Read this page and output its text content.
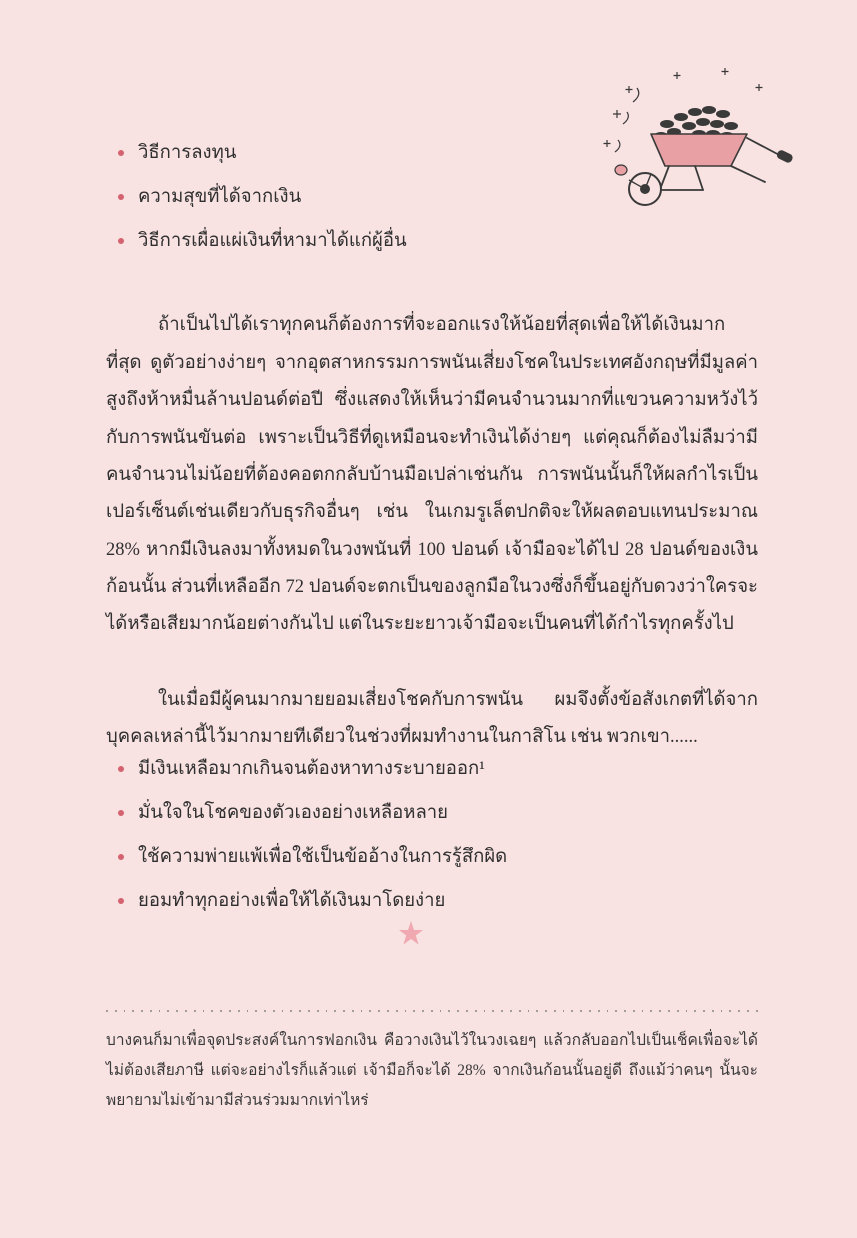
วิธีการลงทุน
ความสุขที่ได้จากเงิน
วิธีการเผื่อแผ่เงินที่หามาได้แก่ผู้อื่น

ถ้าเป็นไปได้เราทุกคนก็ต้องการที่จะออกแรงให้น้อยที่สุดเพื่อให้ได้เงินมากที่สุด ดูตัวอย่างง่ายๆ จากอุตสาหกรรมการพนันเสี่ยงโชคในประเทศอังกฤษที่มีมูลค่าสูงถึงห้าหมื่นล้านปอนด์ต่อปี ซึ่งแสดงให้เห็นว่ามีคนจำนวนมากที่แขวนความหวังไว้กับการพนันขันต่อ เพราะเป็นวิธีที่ดูเหมือนจะทำเงินได้ง่ายๆ แต่คุณก็ต้องไม่ลืมว่ามีคนจำนวนไม่น้อยที่ต้องคอตกกลับบ้านมือเปล่าเช่นกัน การพนันนั้นก็ให้ผลกำไรเป็นเปอร์เซ็นต์เช่นเดียวกับธุรกิจอื่นๆ เช่น ในเกมรูเล็ตปกติจะให้ผลตอบแทนประมาณ 28% หากมีเงินลงมาทั้งหมดในวงพนันที่ 100 ปอนด์ เจ้ามือจะได้ไป 28 ปอนด์ของเงินก้อนนั้น ส่วนที่เหลืออีก 72 ปอนด์จะตกเป็นของลูกมือในวงซึ่งก็ขึ้นอยู่กับดวงว่าใครจะได้หรือเสียมากน้อยต่างกันไป แต่ในระยะยาวเจ้ามือจะเป็นคนที่ได้กำไรทุกครั้งไป

ในเมื่อมีผู้คนมากมายยอมเสี่ยงโชคกับการพนัน ผมจึงตั้งข้อสังเกตที่ได้จากบุคคลเหล่านี้ไว้มากมายทีเดียวในช่วงที่ผมทำงานในกาสิโน เช่น พวกเขา......

มีเงินเหลือมากเกินจนต้องหาทางระบายออก¹
มั่นใจในโชคของตัวเองอย่างเหลือหลาย
ใช้ความพ่ายแพ้เพื่อใช้เป็นข้ออ้างในการรู้สึกผิด
ยอมทำทุกอย่างเพื่อให้ได้เงินมาโดยง่าย
บางคนก็มาเพื่อจุดประสงค์ในการฟอกเงิน คือวางเงินไว้ในวงเฉยๆ แล้วกลับออกไปเป็นเช็คเพื่อจะได้ไม่ต้องเสียภาษี แต่จะอย่างไรก็แล้วแต่ เจ้ามือก็จะได้ 28% จากเงินก้อนนั้นอยู่ดี ถึงแม้ว่าคนๆ นั้นจะพยายามไม่เข้ามามีส่วนร่วมมากเท่าไหร่
